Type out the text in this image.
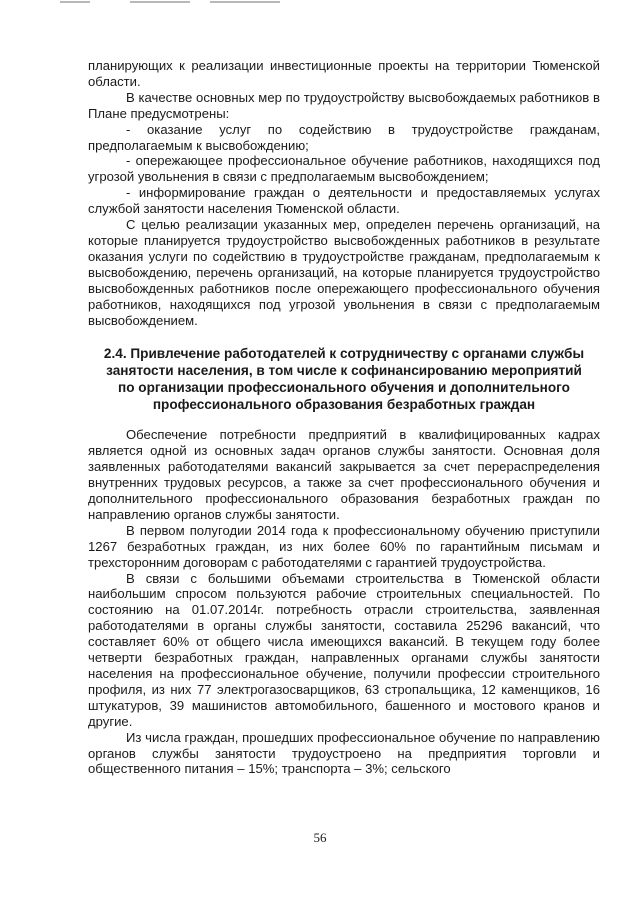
планирующих к реализации инвестиционные проекты на территории Тюменской области.

В качестве основных мер по трудоустройству высвобождаемых работников в Плане предусмотрены:

- оказание услуг по содействию в трудоустройстве гражданам, предполагаемым к высвобождению;

- опережающее профессиональное обучение работников, находящихся под угрозой увольнения в связи с предполагаемым высвобождением;

- информирование граждан о деятельности и предоставляемых услугах службой занятости населения Тюменской области.

С целью реализации указанных мер, определен перечень организаций, на которые планируется трудоустройство высвобожденных работников в результате оказания услуги по содействию в трудоустройстве гражданам, предполагаемым к высвобождению, перечень организаций, на которые планируется трудоустройство высвобожденных работников после опережающего профессионального обучения работников, находящихся под угрозой увольнения в связи с предполагаемым высвобождением.

2.4. Привлечение работодателей к сотрудничеству с органами службы
занятости населения, в том числе к софинансированию мероприятий
по организации профессионального обучения и дополнительного
профессионального образования безработных граждан

Обеспечение потребности предприятий в квалифицированных кадрах является одной из основных задач органов службы занятости. Основная доля заявленных работодателями вакансий закрывается за счет перераспределения внутренних трудовых ресурсов, а также за счет профессионального обучения и дополнительного профессионального образования безработных граждан по направлению органов службы занятости.

В первом полугодии 2014 года к профессиональному обучению приступили 1267 безработных граждан, из них более 60% по гарантийным письмам и трехсторонним договорам с работодателями с гарантией трудоустройства.

В связи с большими объемами строительства в Тюменской области наибольшим спросом пользуются рабочие строительных специальностей. По состоянию на 01.07.2014г. потребность отрасли строительства, заявленная работодателями в органы службы занятости, составила 25296 вакансий, что составляет 60% от общего числа имеющихся вакансий. В текущем году более четверти безработных граждан, направленных органами службы занятости населения на профессиональное обучение, получили профессии строительного профиля, из них 77 электрогазосварщиков, 63 стропальщика, 12 каменщиков, 16 штукатуров, 39 машинистов автомобильного, башенного и мостового кранов и другие.

Из числа граждан, прошедших профессиональное обучение по направлению органов службы занятости трудоустроено на предприятия торговли и общественного питания – 15%; транспорта – 3%; сельского

56
